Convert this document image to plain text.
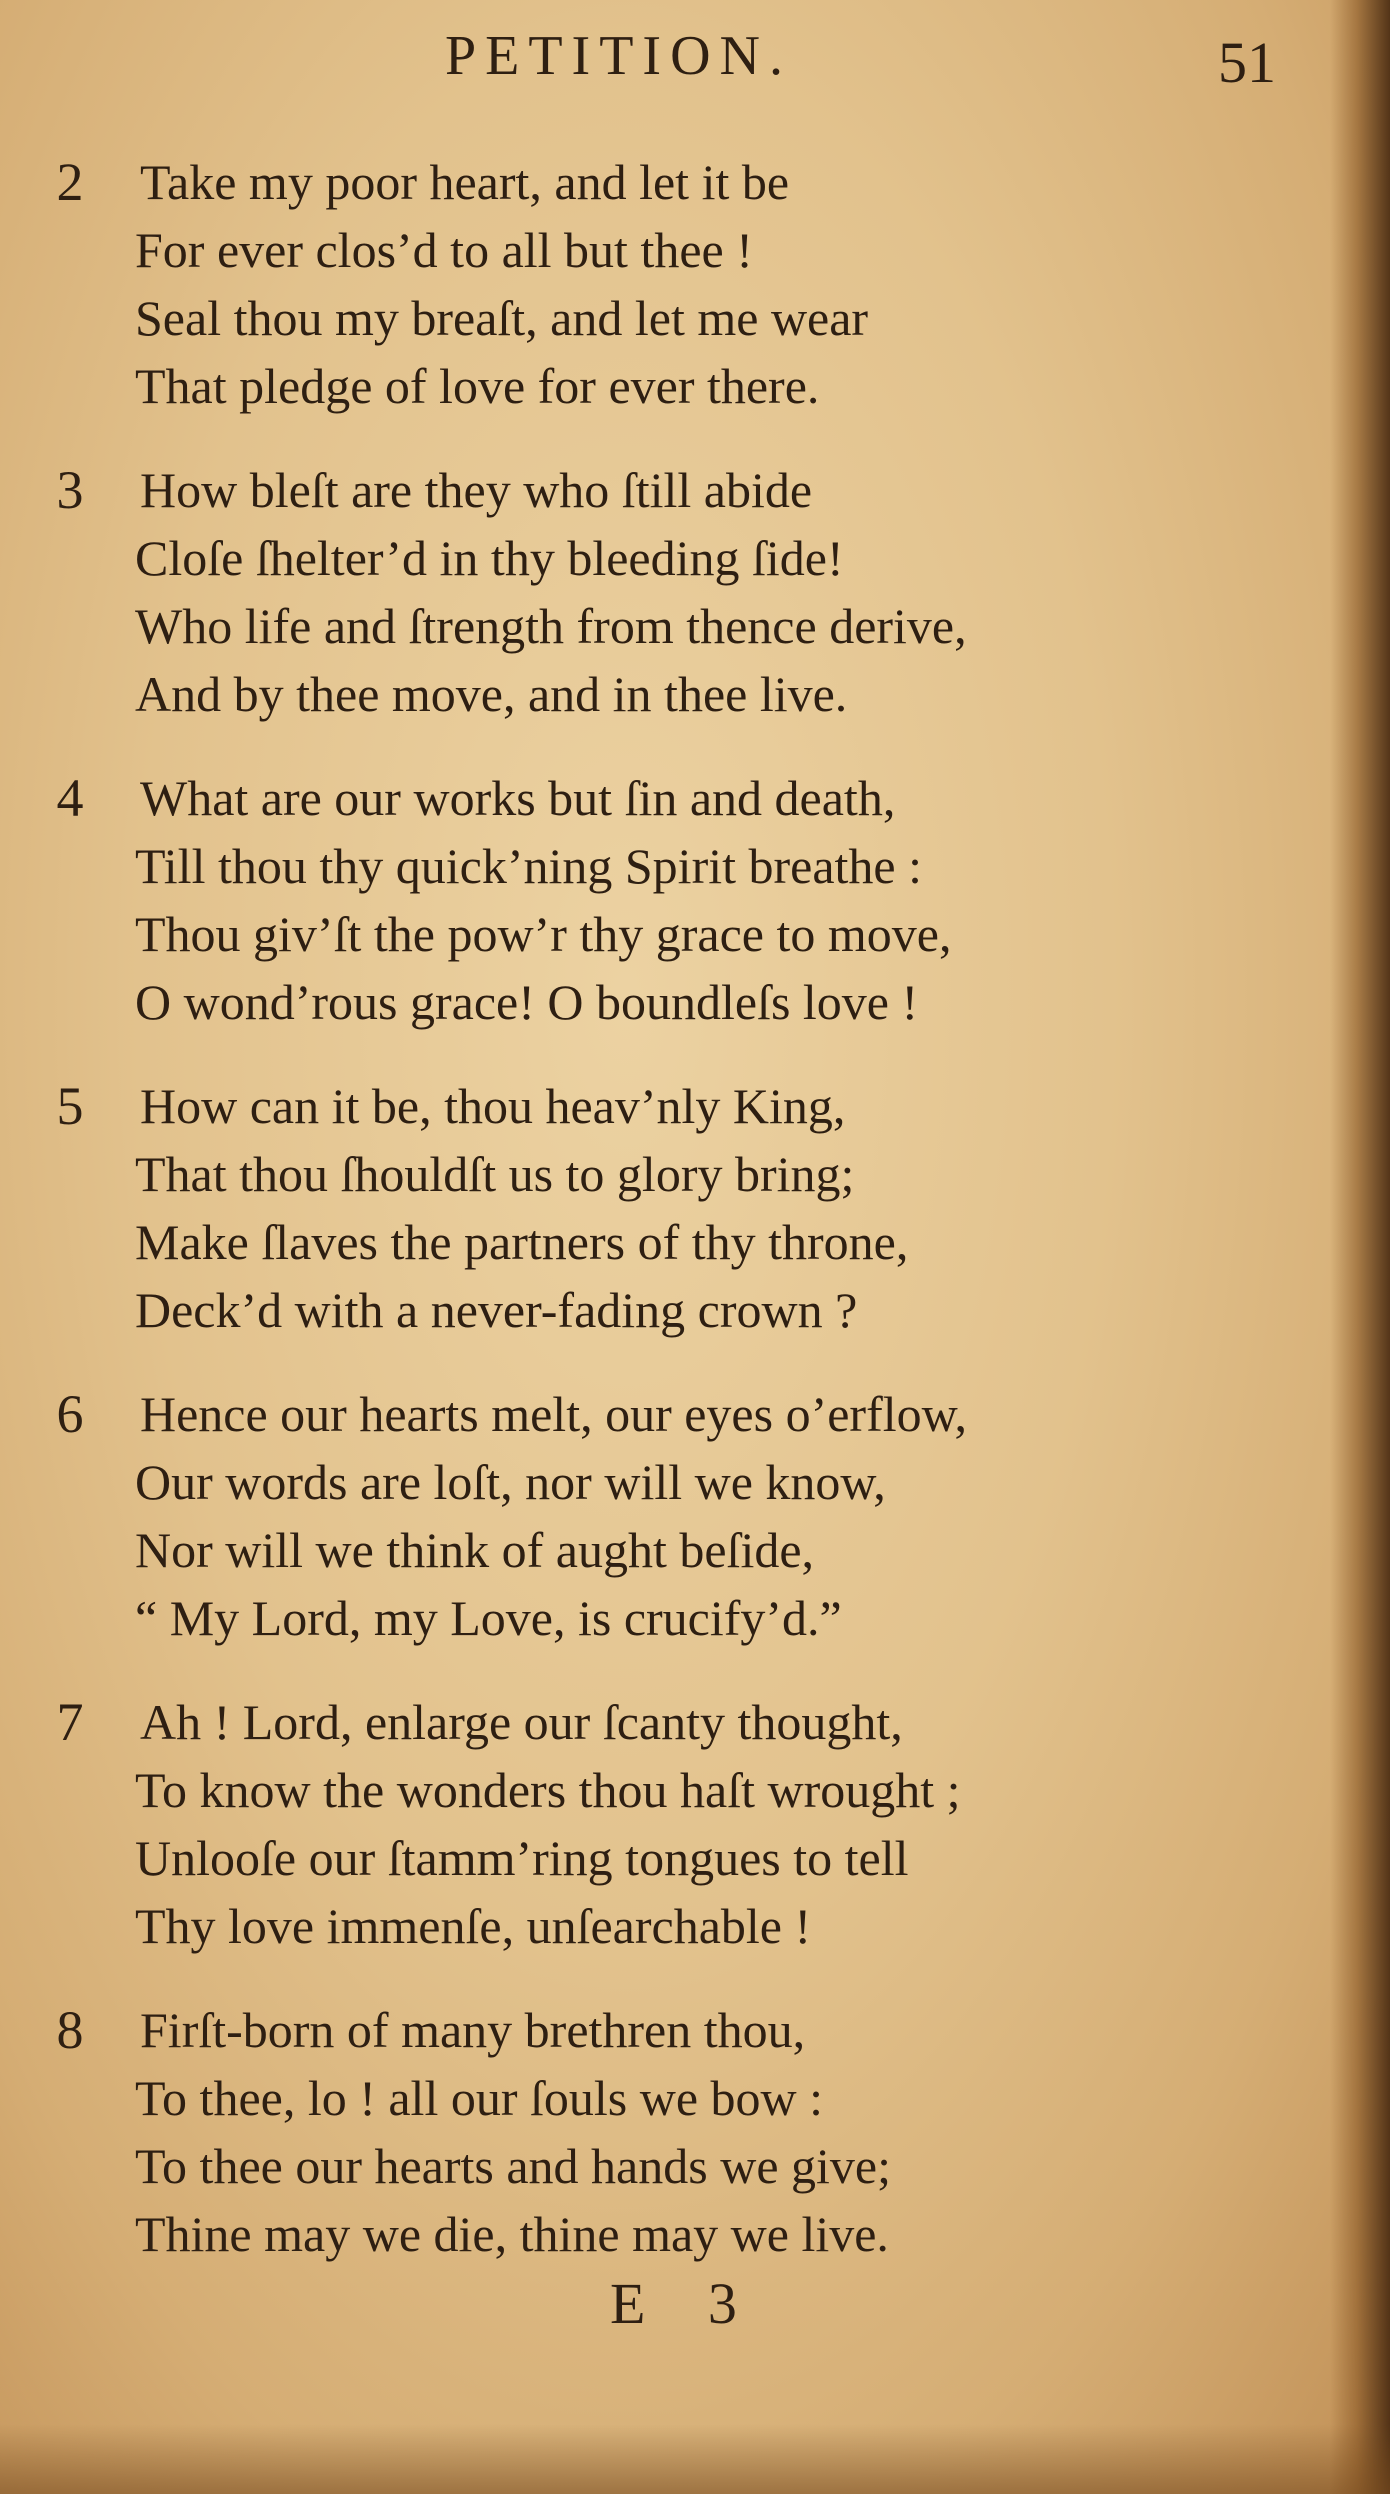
PETITION.	51
2	Take my poor heart, and let it be
For ever clos’d to all but thee !
Seal thou my breaſt, and let me wear
That pledge of love for ever there.
3	How bleſt are they who ſtill abide
Cloſe ſhelter’d in thy bleeding ſide!
Who life and ſtrength from thence derive,
And by thee move, and in thee live.
4	What are our works but ſin and death,
Till thou thy quick’ning Spirit breathe :
Thou giv’ſt the pow’r thy grace to move,
O wond’rous grace! O boundleſs love !
5	How can it be, thou heav’nly King,
That thou ſhouldſt us to glory bring;
Make ſlaves the partners of thy throne,
Deck’d with a never-fading crown ?
6	Hence our hearts melt, our eyes o’erflow,
Our words are loſt, nor will we know,
Nor will we think of aught beſide,
“ My Lord, my Love, is crucify’d.”
7	Ah ! Lord, enlarge our ſcanty thought,
To know the wonders thou haſt wrought ;
Unlooſe our ſtamm’ring tongues to tell
Thy love immenſe, unſearchable !
8	Firſt-born of many brethren thou,
To thee, lo ! all our ſouls we bow :
To thee our hearts and hands we give;
Thine may we die, thine may we live.
E 3
